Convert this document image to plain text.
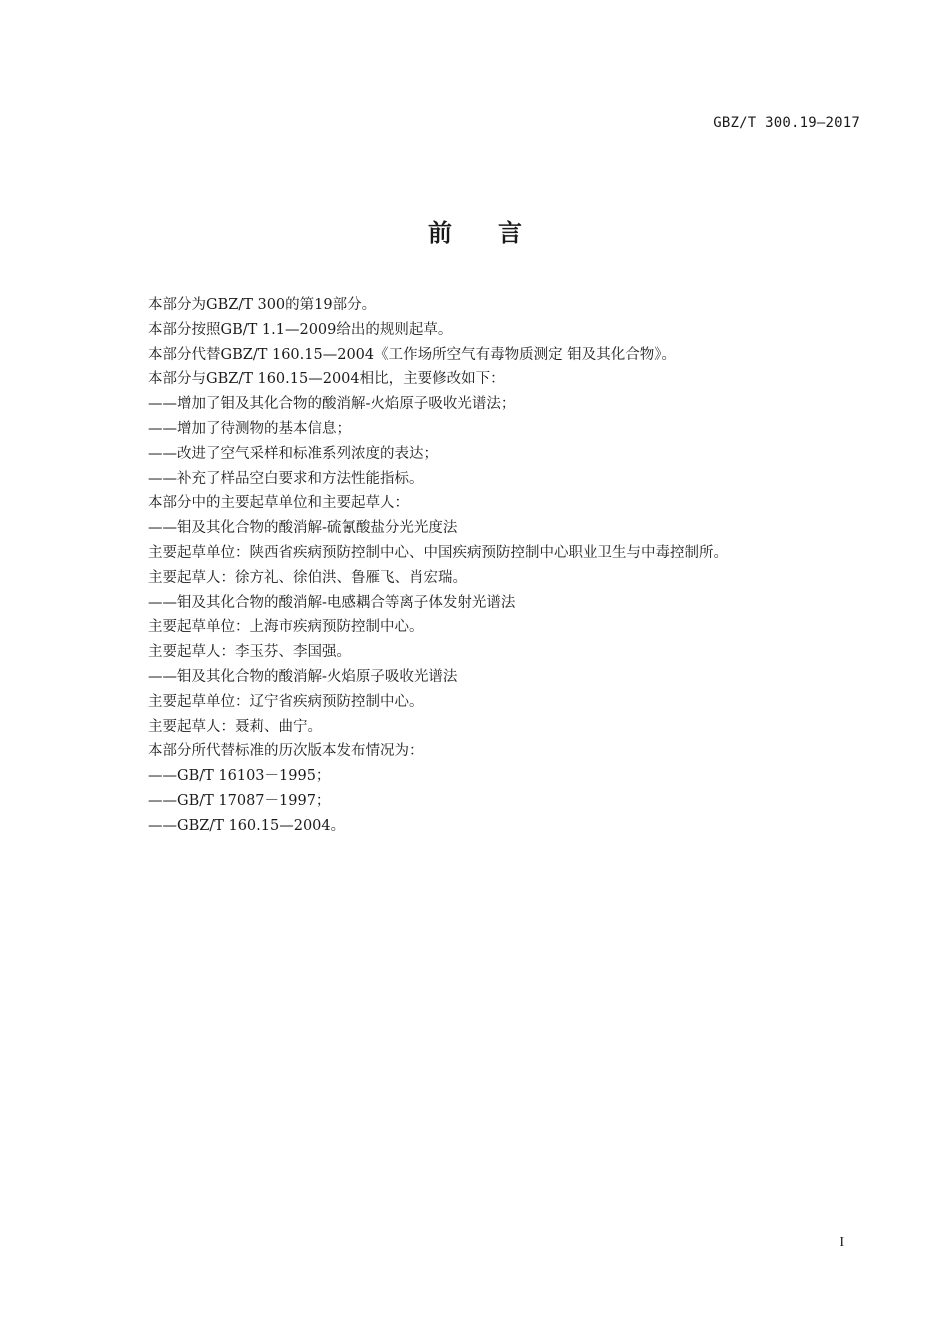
GBZ/T 300.19—2017
前 言
本部分为GBZ/T 300的第19部分。
本部分按照GB/T 1.1—2009给出的规则起草。
本部分代替GBZ/T 160.15—2004《工作场所空气有毒物质测定 钼及其化合物》。
本部分与GBZ/T 160.15—2004相比，主要修改如下：
——增加了钼及其化合物的酸消解-火焰原子吸收光谱法；
——增加了待测物的基本信息；
——改进了空气采样和标准系列浓度的表达；
——补充了样品空白要求和方法性能指标。
本部分中的主要起草单位和主要起草人：
——钼及其化合物的酸消解-硫氰酸盐分光光度法
主要起草单位：陕西省疾病预防控制中心、中国疾病预防控制中心职业卫生与中毒控制所。
主要起草人：徐方礼、徐伯洪、鲁雁飞、肖宏瑞。
——钼及其化合物的酸消解-电感耦合等离子体发射光谱法
主要起草单位：上海市疾病预防控制中心。
主要起草人：李玉芬、李国强。
——钼及其化合物的酸消解-火焰原子吸收光谱法
主要起草单位：辽宁省疾病预防控制中心。
主要起草人：聂莉、曲宁。
本部分所代替标准的历次版本发布情况为：
——GB/T 16103－1995；
——GB/T 17087－1997；
——GBZ/T 160.15—2004。
I
